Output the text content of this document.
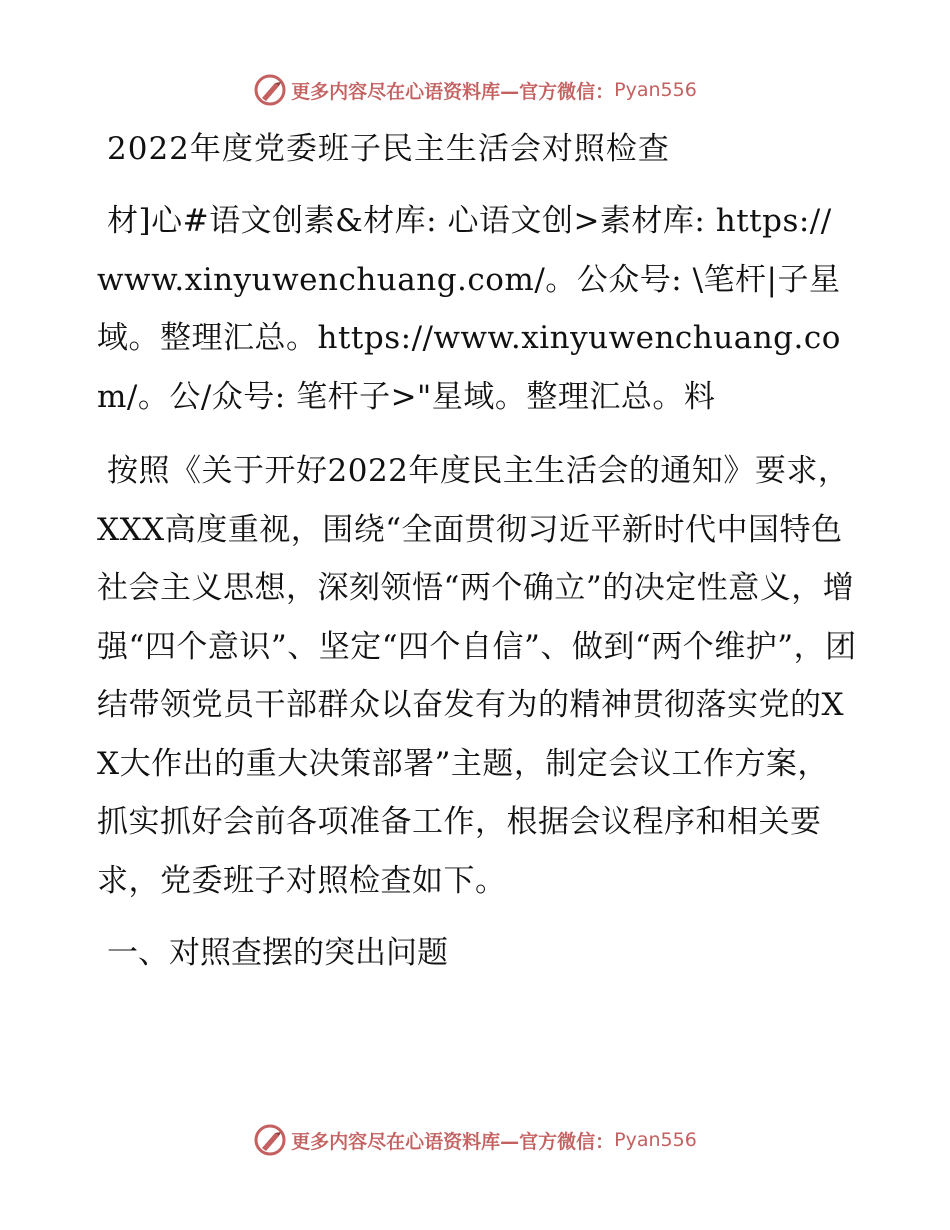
更多内容尽在心语资料库—官方微信： Pyan556
2022年度党委班子民主生活会对照检查

材]心#语文创素&材库: 心语文创>素材库: https://www.xinyuwenchuang.com/。公众号: \笔杆|子星域。整理汇总。https://www.xinyuwenchuang.com/。公/众号: 笔杆子>"星域。整理汇总。料

按照《关于开好2022年度民主生活会的通知》要求，XXX高度重视，围绕“全面贯彻习近平新时代中国特色社会主义思想，深刻领悟“两个确立”的决定性意义，增强“四个意识”、坚定“四个自信”、做到“两个维护”，团结带领党员干部群众以奋发有为的精神贯彻落实党的XX大作出的重大决策部署”主题，制定会议工作方案，抓实抓好会前各项准备工作，根据会议程序和相关要求，党委班子对照检查如下。

一、对照查摆的突出问题
更多内容尽在心语资料库—官方微信： Pyan556
